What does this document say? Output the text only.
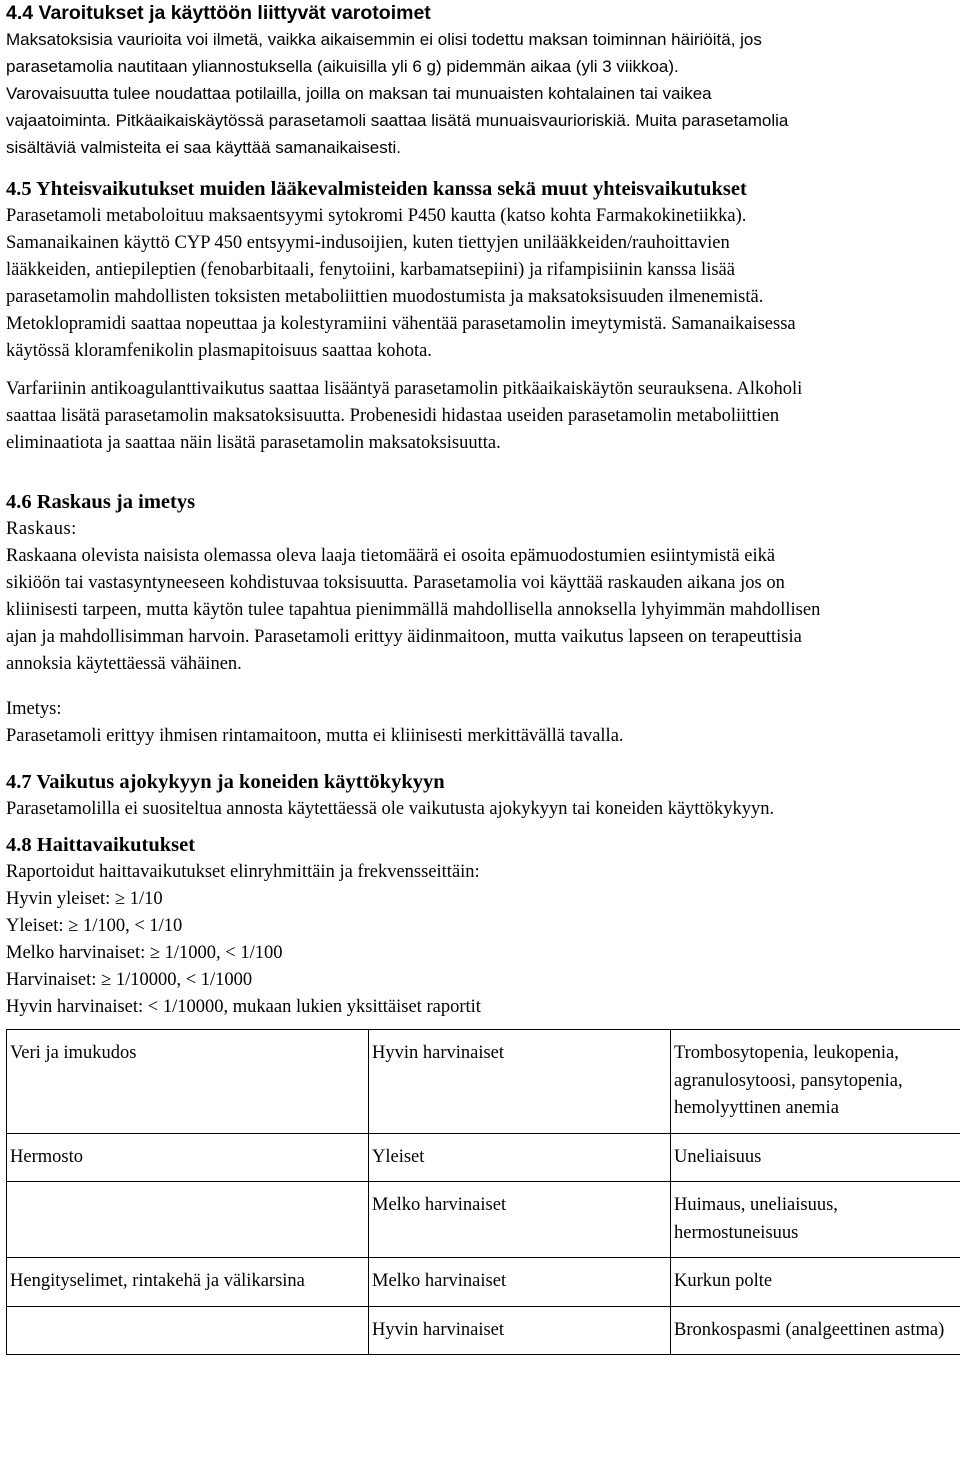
4.4 Varoitukset ja käyttöön liittyvät varotoimet
Maksatoksisia vaurioita voi ilmetä, vaikka aikaisemmin ei olisi todettu maksan toiminnan häiriöitä, jos
parasetamolia nautitaan yliannostuksella (aikuisilla yli 6 g) pidemmän aikaa (yli 3 viikkoa).
Varovaisuutta tulee noudattaa potilailla, joilla on maksan tai munuaisten kohtalainen tai vaikea
vajaatoiminta. Pitkäaikaiskäytössä parasetamoli saattaa lisätä munuaisvaurioriskiä. Muita parasetamolia
sisältäviä valmisteita ei saa käyttää samanaikaisesti.
4.5 Yhteisvaikutukset muiden lääkevalmisteiden kanssa sekä muut yhteisvaikutukset
Parasetamoli metaboloituu maksaentsyymi sytokromi P450 kautta (katso kohta Farmakokinetiikka).
Samanaikainen käyttö CYP 450 entsyymi-indusoijien, kuten tiettyjen unilääkkeiden/rauhoittavien
lääkkeiden, antiepileptien (fenobarbitaali, fenytoiini, karbamatsepiini) ja rifampisiinin kanssa lisää
parasetamolin mahdollisten toksisten metaboliittien muodostumista ja maksatoksisuuden ilmenemistä.
Metoklopramidi saattaa nopeuttaa ja kolestyramiini vähentää parasetamolin imeytymistä. Samanaikaisessa
käytössä kloramfenikolin plasmapitoisuus saattaa kohota.
Varfariinin antikoagulanttivaikutus saattaa lisääntyä parasetamolin pitkäaikaiskäytön seurauksena. Alkoholi
saattaa lisätä parasetamolin maksatoksisuutta. Probenesidi hidastaa useiden parasetamolin metaboliittien
eliminaatiota ja saattaa näin lisätä parasetamolin maksatoksisuutta.
4.6 Raskaus ja imetys
Raskaus:
Raskaana olevista naisista olemassa oleva laaja tietomäärä ei osoita epämuodostumien esiintymistä eikä
sikiöön tai vastasyntyneeseen kohdistuvaa toksisuutta. Parasetamolia voi käyttää raskauden aikana jos on
kliinisesti tarpeen, mutta käytön tulee tapahtua pienimmällä mahdollisella annoksella lyhyimmän mahdollisen
ajan ja mahdollisimman harvoin. Parasetamoli erittyy äidinmaitoon, mutta vaikutus lapseen on terapeuttisia
annoksia käytettäessä vähäinen.
Imetys:
Parasetamoli erittyy ihmisen rintamaitoon, mutta ei kliinisesti merkittävällä tavalla.
4.7 Vaikutus ajokykyyn ja koneiden käyttökykyyn
Parasetamolilla ei suositeltua annosta käytettäessä ole vaikutusta ajokykyyn tai koneiden käyttökykyyn.
4.8 Haittavaikutukset
Raportoidut haittavaikutukset elinryhmittäin ja frekvensseittäin:
Hyvin yleiset: ≥ 1/10
Yleiset: ≥ 1/100, < 1/10
Melko harvinaiset: ≥ 1/1000, < 1/100
Harvinaiset: ≥ 1/10000, < 1/1000
Hyvin harvinaiset: < 1/10000, mukaan lukien yksittäiset raportit
Veri ja imukudos	Hyvin harvinaiset	Trombosytopenia, leukopenia, agranulosytoosi, pansytopenia, hemolyyttinen anemia
Hermosto	Yleiset	Uneliaisuus
	Melko harvinaiset	Huimaus, uneliaisuus, hermostuneisuus
Hengityselimet, rintakehä ja välikarsina	Melko harvinaiset	Kurkun polte
	Hyvin harvinaiset	Bronkospasmi (analgeettinen astma)
